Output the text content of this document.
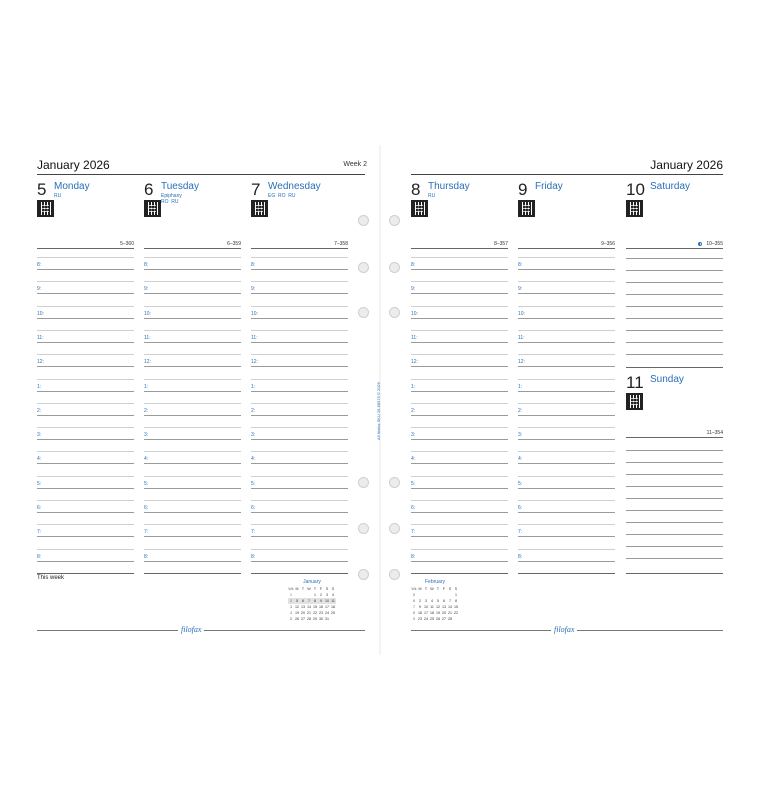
January 2026	Week 2
5 Monday
RU
5–360
8:
9:
10:
11:
12:
1:
2:
3:
4:
5:
6:
7:
8:
6 Tuesday
Epiphany
RO  RU
6–359
8:
9:
10:
11:
12:
1:
2:
3:
4:
5:
6:
7:
8:
7 Wednesday
EG  RO  RU
7–358
8:
9:
10:
11:
12:
1:
2:
3:
4:
5:
6:
7:
8:
This week
January
Wk	M	T	W	T	F	S	S
1				1	2	3	4
2	5	6	7	8	9	10	11
3	12	13	14	15	16	17	18
4	19	20	21	22	23	24	25
5	26	27	28	29	30	31	
filofax
January 2026
8 Thursday
RU
8–357
8:
9:
10:
11:
12:
1:
2:
3:
4:
5:
6:
7:
8:
9 Friday
9–356
8:
9:
10:
11:
12:
1:
2:
3:
4:
5:
6:
7:
8:
10 Saturday
10–355
11 Sunday
11–354
February
Wk	M	T	W	T	F	S	S
5							1
6	2	3	4	5	6	7	8
7	9	10	11	12	13	14	15
8	16	17	18	19	20	21	22
9	23	24	25	26	27	28	
filofax
A5 filofax SKU 26-68575 © 2026
